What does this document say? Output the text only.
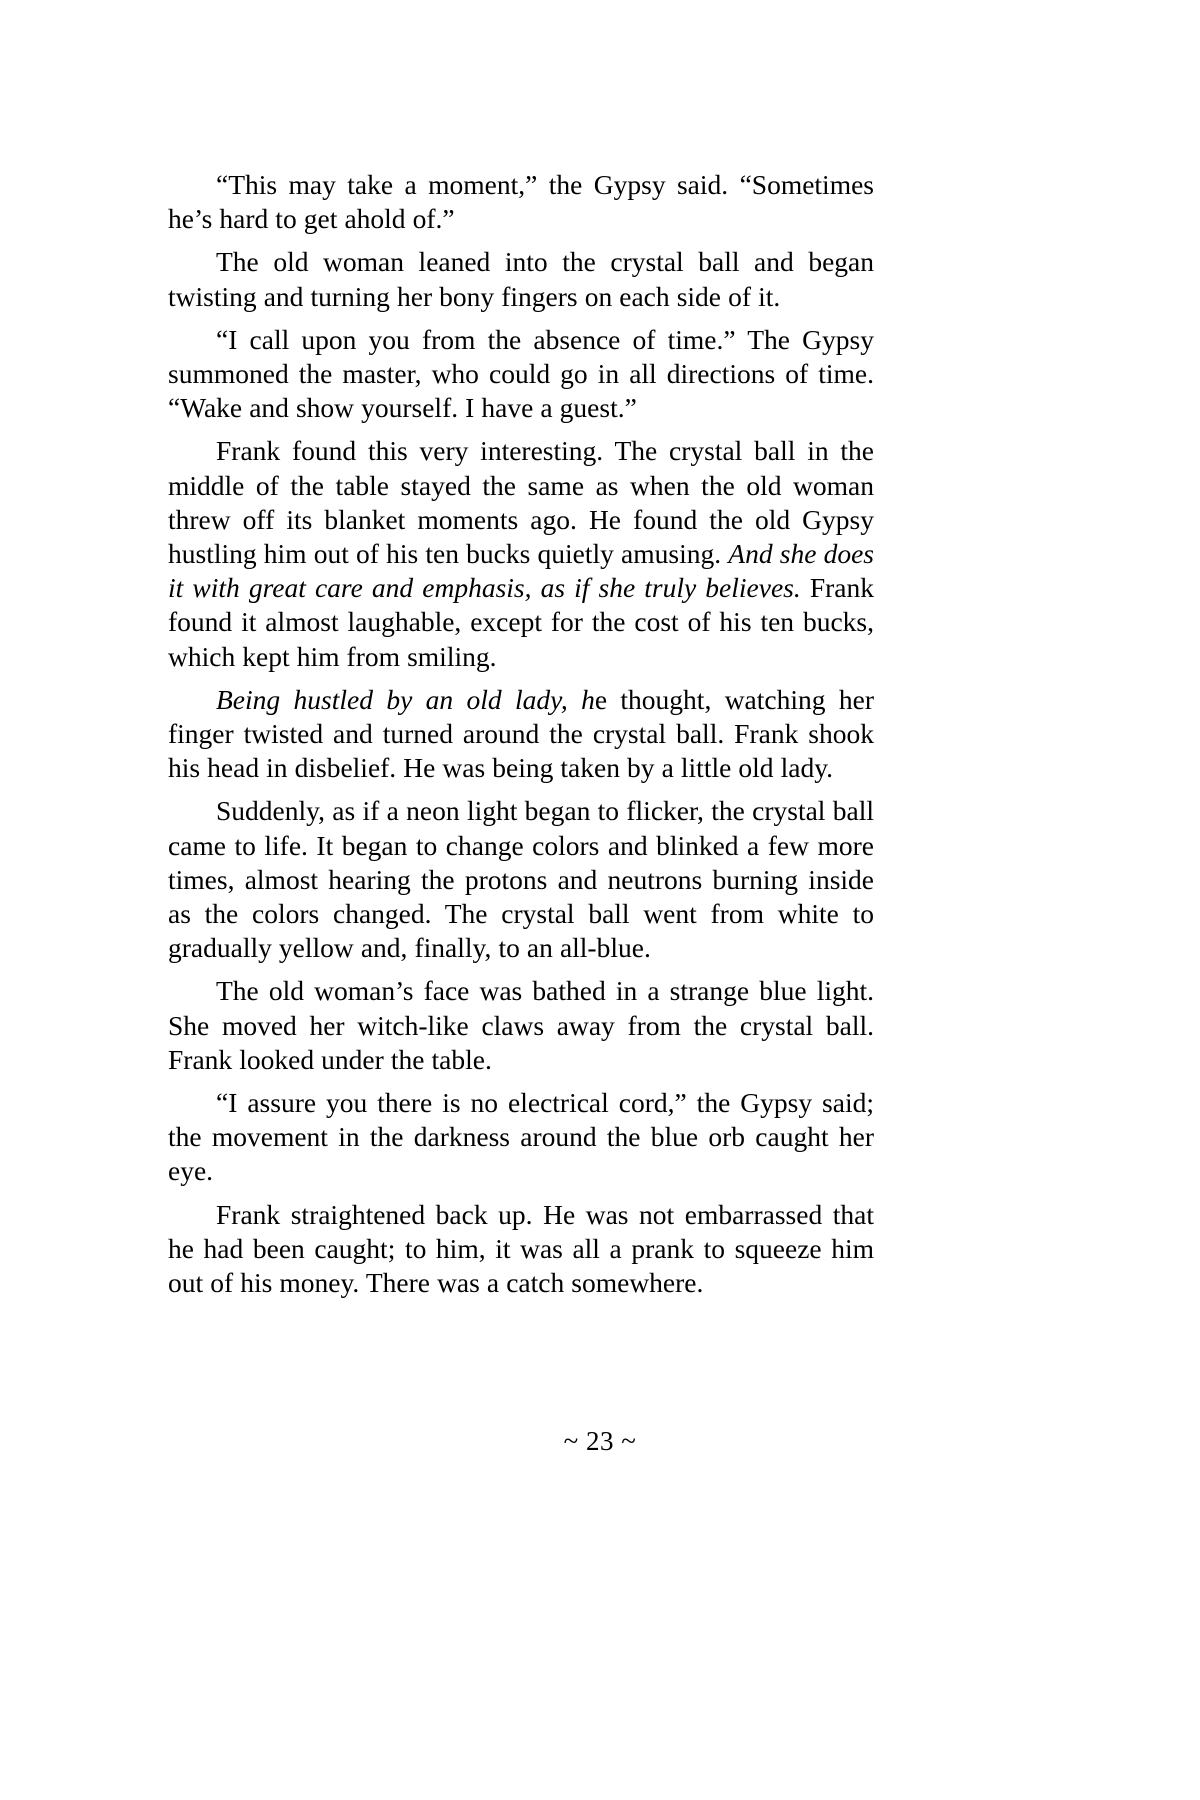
“This may take a moment,” the Gypsy said. “Sometimes he’s hard to get ahold of.”

The old woman leaned into the crystal ball and began twisting and turning her bony fingers on each side of it.

“I call upon you from the absence of time.” The Gypsy summoned the master, who could go in all directions of time. “Wake and show yourself. I have a guest.”

Frank found this very interesting. The crystal ball in the middle of the table stayed the same as when the old woman threw off its blanket moments ago. He found the old Gypsy hustling him out of his ten bucks quietly amusing. And she does it with great care and emphasis, as if she truly believes. Frank found it almost laughable, except for the cost of his ten bucks, which kept him from smiling.

Being hustled by an old lady, he thought, watching her finger twisted and turned around the crystal ball. Frank shook his head in disbelief. He was being taken by a little old lady.

Suddenly, as if a neon light began to flicker, the crystal ball came to life. It began to change colors and blinked a few more times, almost hearing the protons and neutrons burning inside as the colors changed. The crystal ball went from white to gradually yellow and, finally, to an all-blue.

The old woman’s face was bathed in a strange blue light. She moved her witch-like claws away from the crystal ball. Frank looked under the table.

“I assure you there is no electrical cord,” the Gypsy said; the movement in the darkness around the blue orb caught her eye.

Frank straightened back up. He was not embarrassed that he had been caught; to him, it was all a prank to squeeze him out of his money. There was a catch somewhere.

~ 23 ~
